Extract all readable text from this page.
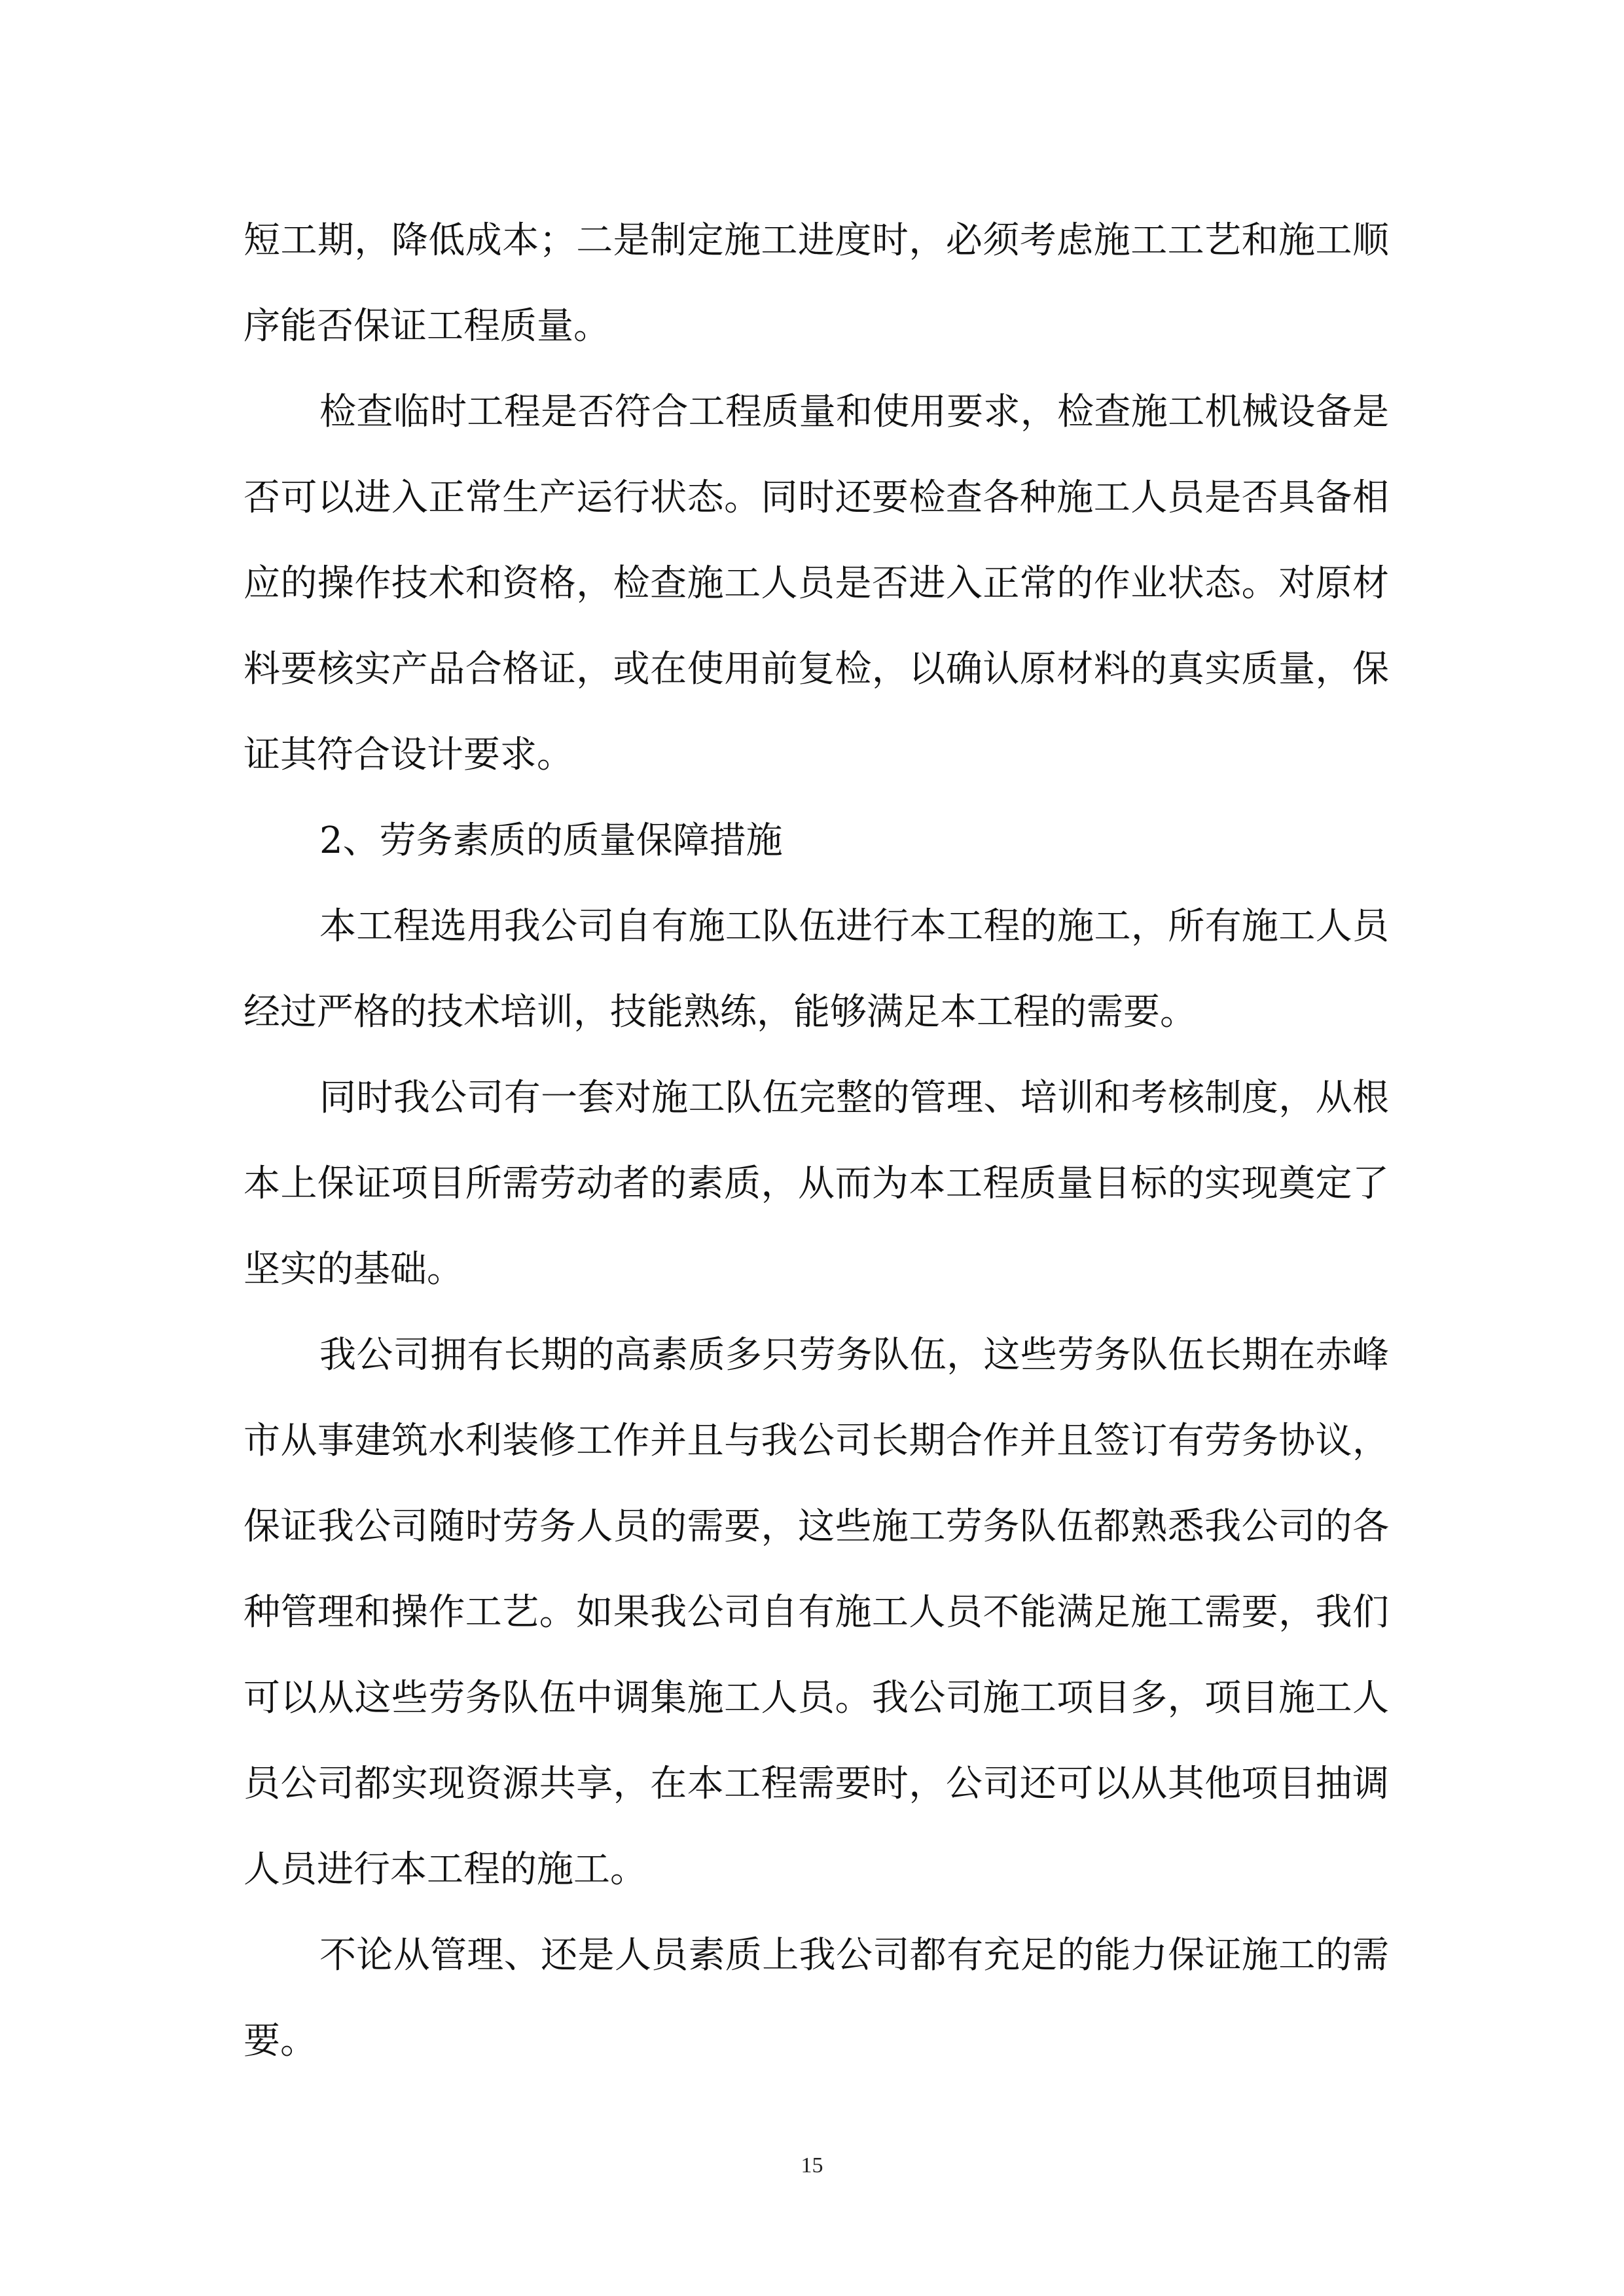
短工期，降低成本；二是制定施工进度时，必须考虑施工工艺和施工顺序能否保证工程质量。

检查临时工程是否符合工程质量和使用要求，检查施工机械设备是否可以进入正常生产运行状态。同时还要检查各种施工人员是否具备相应的操作技术和资格，检查施工人员是否进入正常的作业状态。对原材料要核实产品合格证，或在使用前复检，以确认原材料的真实质量，保证其符合设计要求。

2、劳务素质的质量保障措施

本工程选用我公司自有施工队伍进行本工程的施工，所有施工人员经过严格的技术培训，技能熟练，能够满足本工程的需要。

同时我公司有一套对施工队伍完整的管理、培训和考核制度，从根本上保证项目所需劳动者的素质，从而为本工程质量目标的实现奠定了坚实的基础。

我公司拥有长期的高素质多只劳务队伍，这些劳务队伍长期在赤峰市从事建筑水利装修工作并且与我公司长期合作并且签订有劳务协议，保证我公司随时劳务人员的需要，这些施工劳务队伍都熟悉我公司的各种管理和操作工艺。如果我公司自有施工人员不能满足施工需要，我们可以从这些劳务队伍中调集施工人员。我公司施工项目多，项目施工人员公司都实现资源共享，在本工程需要时，公司还可以从其他项目抽调人员进行本工程的施工。

不论从管理、还是人员素质上我公司都有充足的能力保证施工的需要。

15
